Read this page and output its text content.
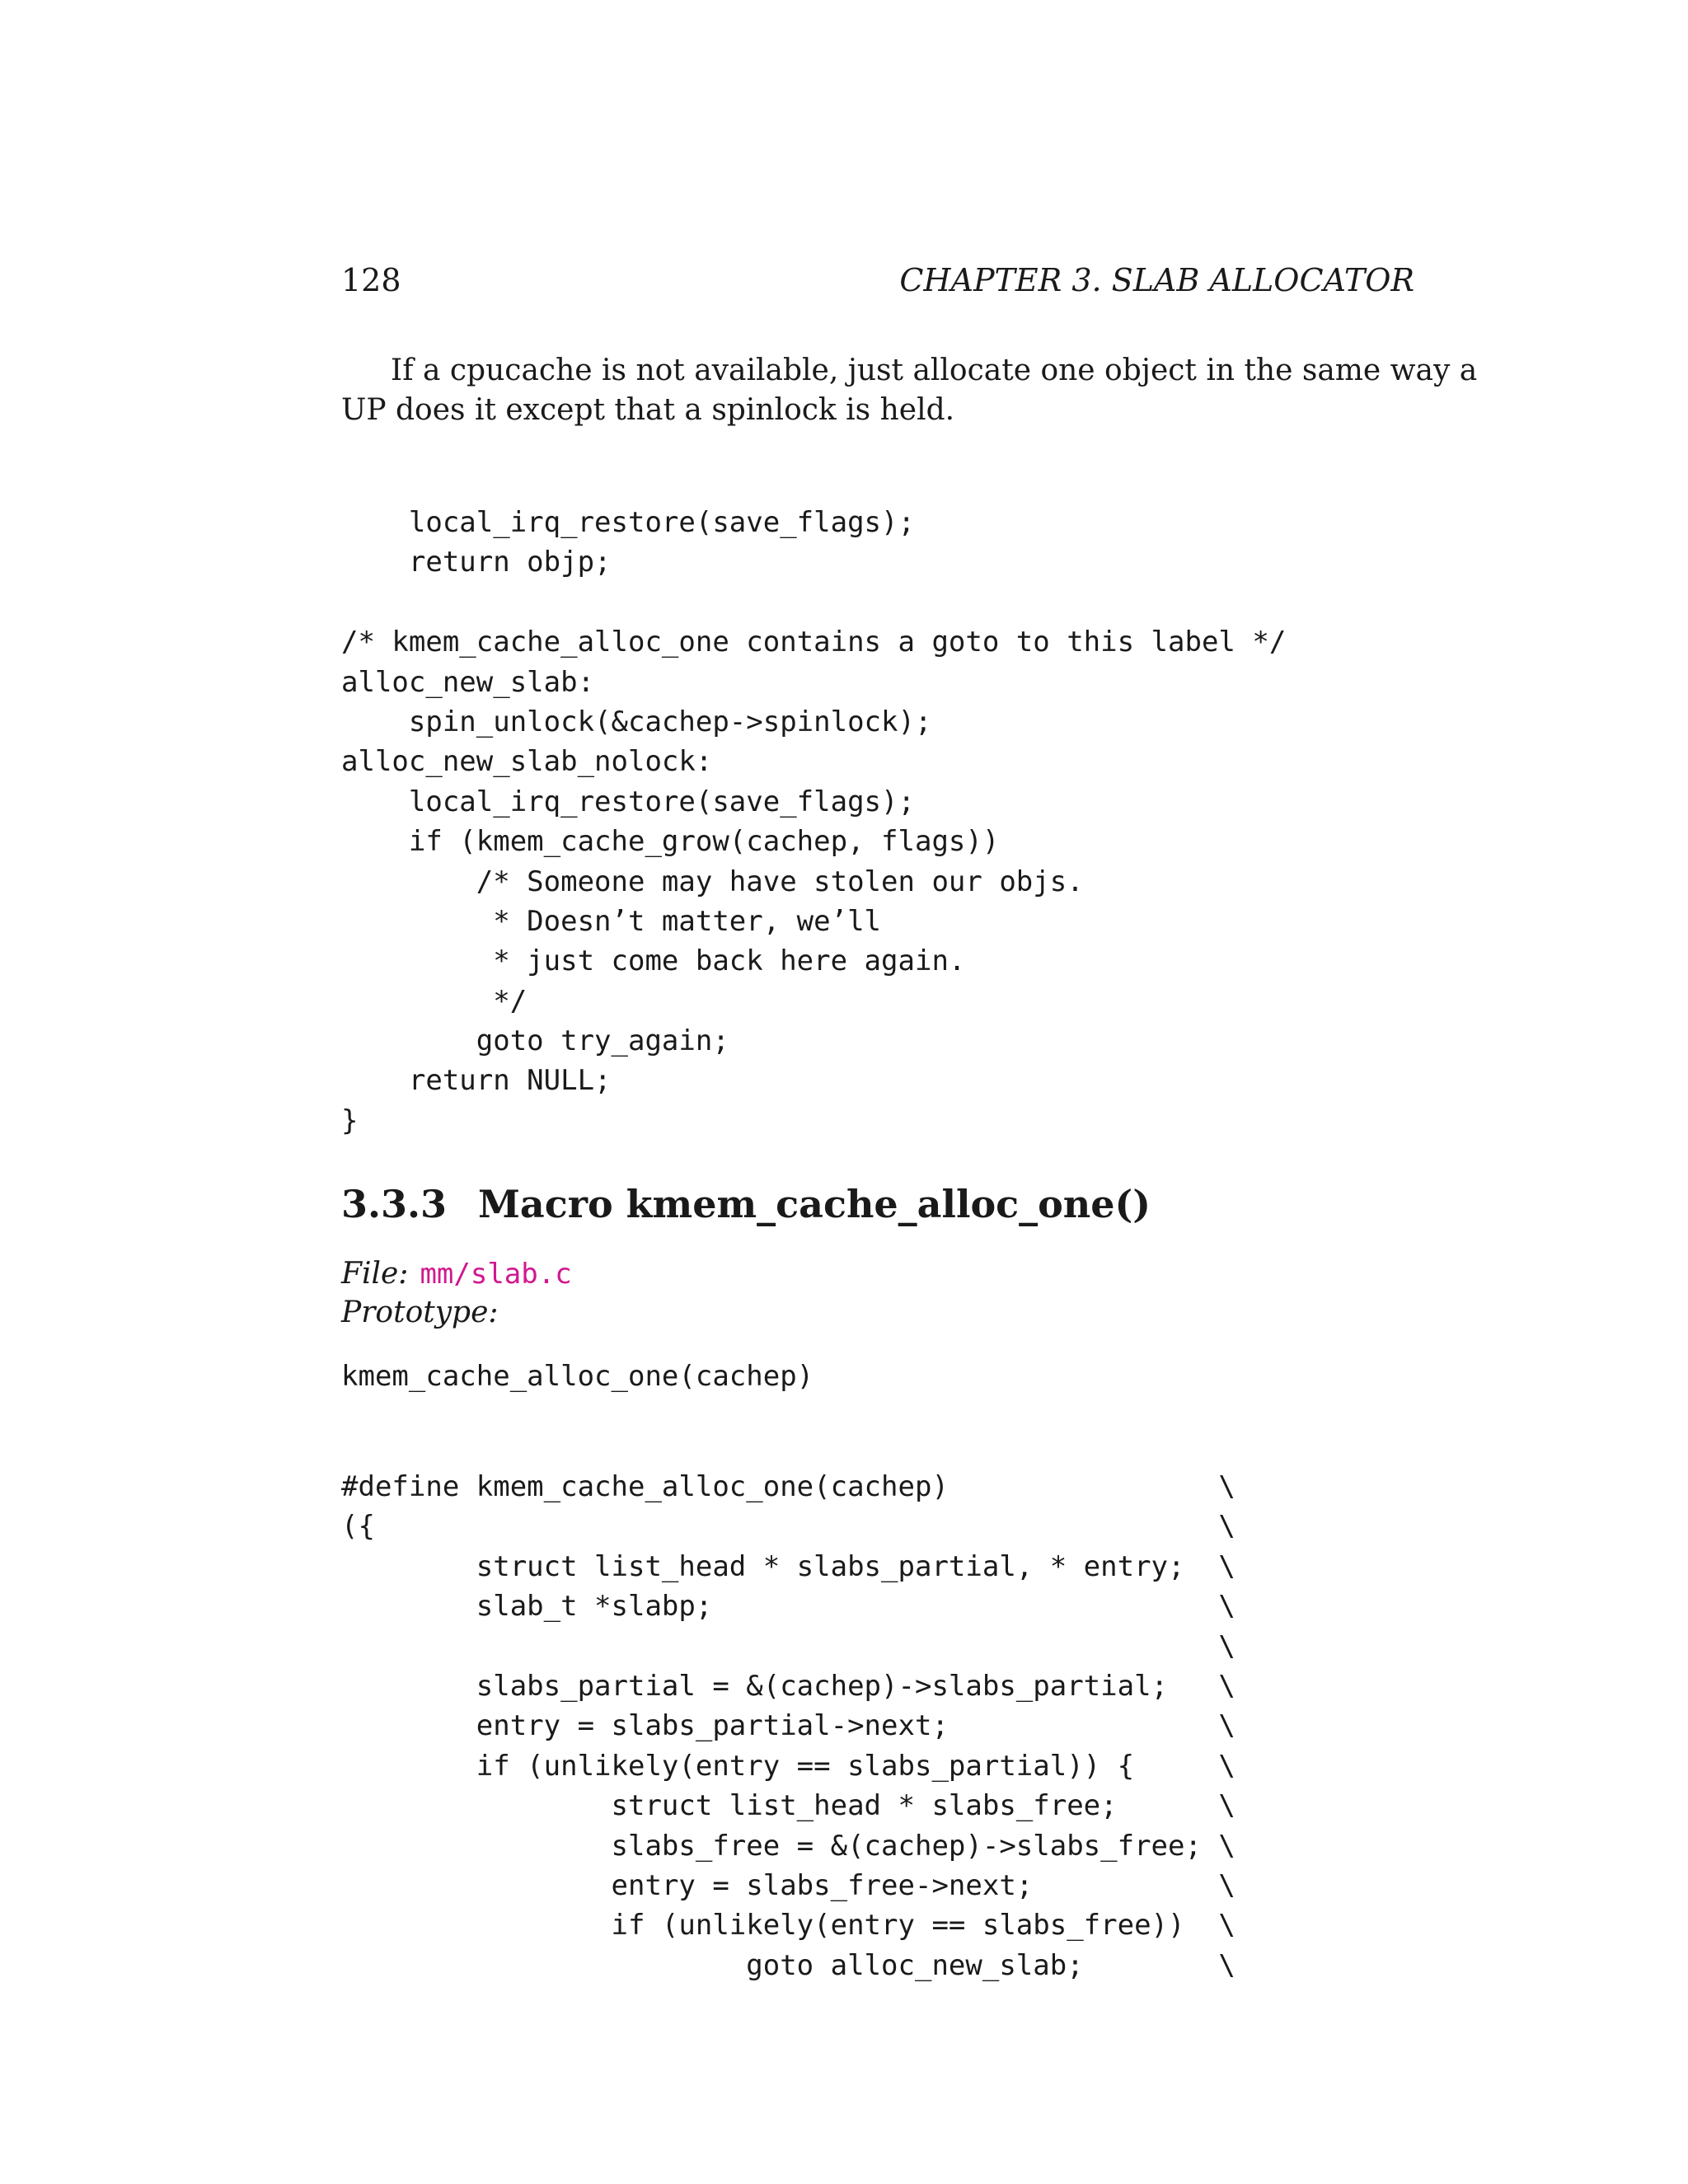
128	CHAPTER 3. SLAB ALLOCATOR

If a cpucache is not available, just allocate one object in the same way a
UP does it except that a spinlock is held.

local_irq_restore(save_flags);
return objp;
/* kmem_cache_alloc_one contains a goto to this label */
alloc_new_slab:
spin_unlock(&cachep->spinlock);
alloc_new_slab_nolock:
local_irq_restore(save_flags);
if (kmem_cache_grow(cachep, flags))
/* Someone may have stolen our objs.
* Doesn’t matter, we’ll
* just come back here again.
*/
goto try_again;
return NULL;
}
3.3.3 Macro kmem_cache_alloc_one()
File: mm/slab.c
Prototype:
kmem_cache_alloc_one(cachep)
#define kmem_cache_alloc_one(cachep)                \
({                                                  \
struct list_head * slabs_partial, * entry;  \
slab_t *slabp;                              \
\
slabs_partial = &(cachep)->slabs_partial;   \
entry = slabs_partial->next;                \
if (unlikely(entry == slabs_partial)) {     \
struct list_head * slabs_free;      \
slabs_free = &(cachep)->slabs_free; \
entry = slabs_free->next;           \
if (unlikely(entry == slabs_free))  \
goto alloc_new_slab;        \
